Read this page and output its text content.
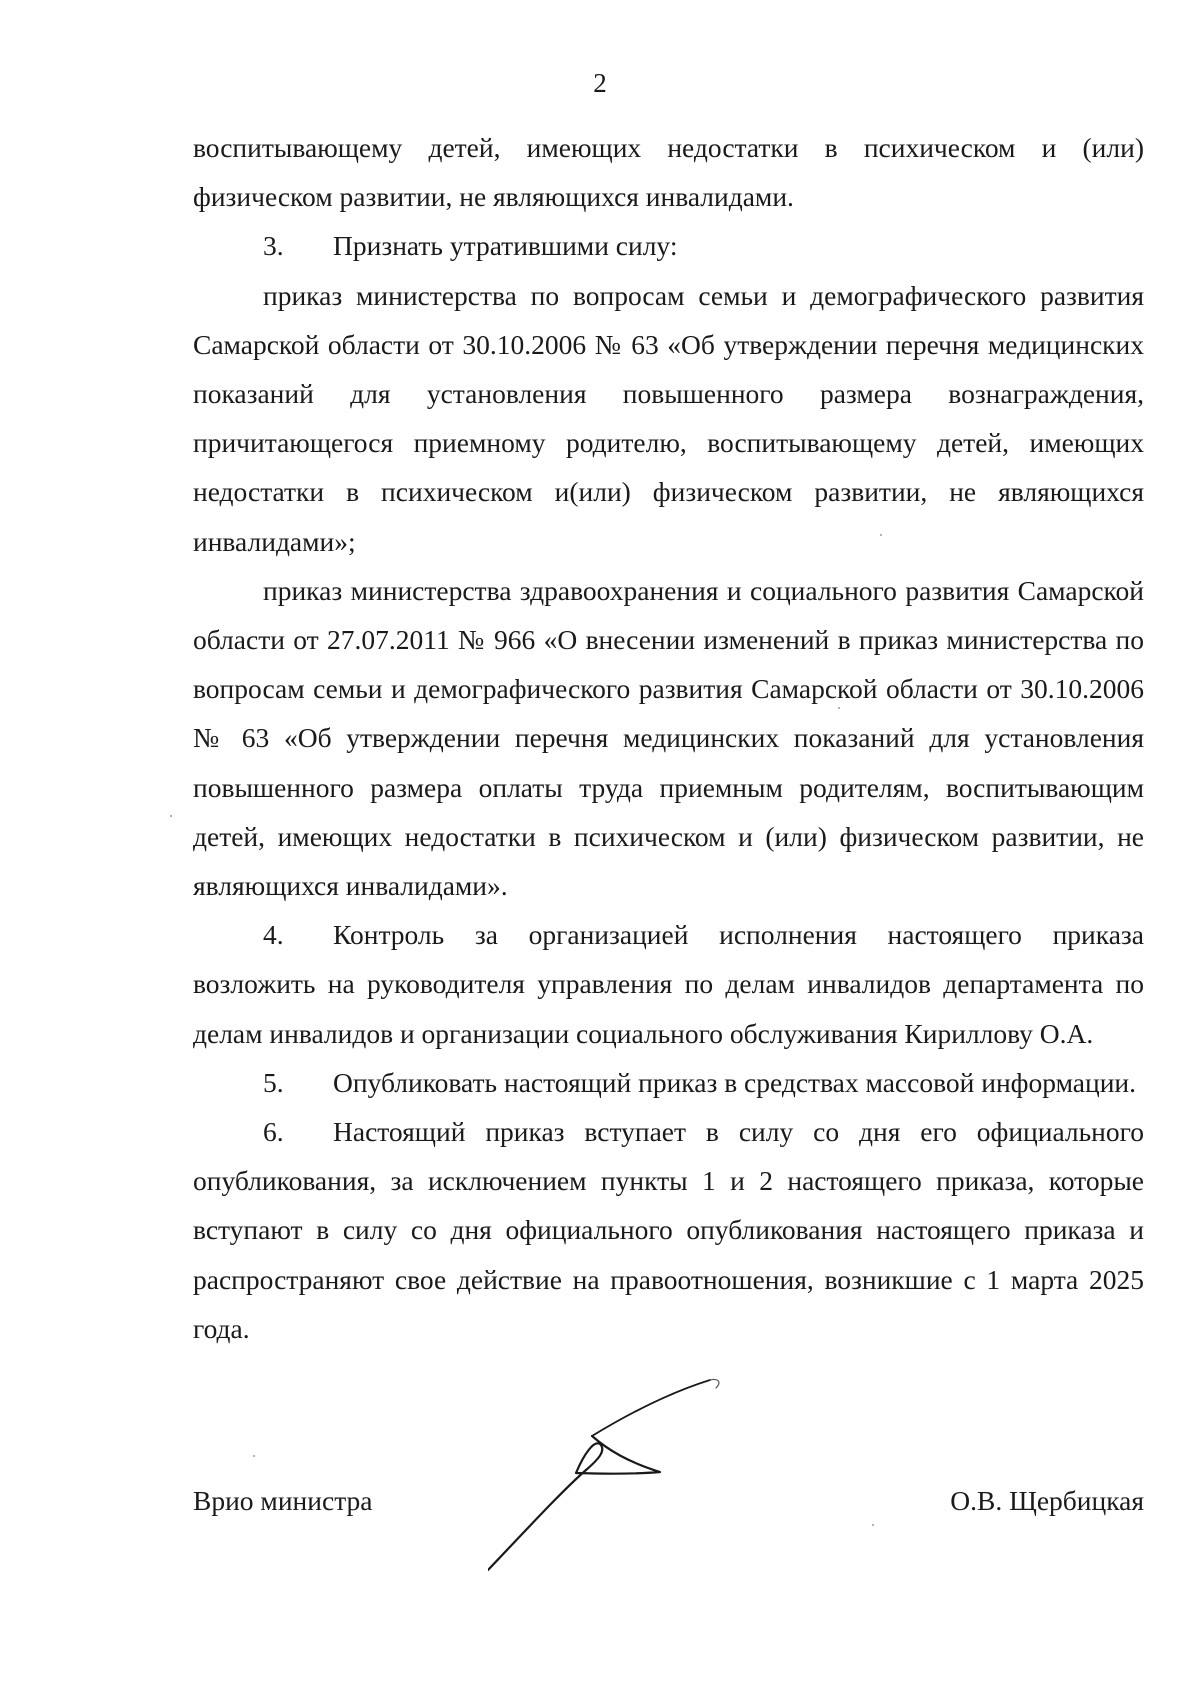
2

воспитывающему детей, имеющих недостатки в психическом и (или) физическом развитии, не являющихся инвалидами.

3. Признать утратившими силу:

приказ министерства по вопросам семьи и демографического развития Самарской области от 30.10.2006 № 63 «Об утверждении перечня медицинских показаний для установления повышенного размера вознаграждения, причитающегося приемному родителю, воспитывающему детей, имеющих недостатки в психическом и(или) физическом развитии, не являющихся инвалидами»;

приказ министерства здравоохранения и социального развития Самарской области от 27.07.2011 № 966 «О внесении изменений в приказ министерства по вопросам семьи и демографического развития Самарской области от 30.10.2006 № 63 «Об утверждении перечня медицинских показаний для установления повышенного размера оплаты труда приемным родителям, воспитывающим детей, имеющих недостатки в психическом и (или) физическом развитии, не являющихся инвалидами».

4. Контроль за организацией исполнения настоящего приказа возложить на руководителя управления по делам инвалидов департамента по делам инвалидов и организации социального обслуживания Кириллову О.А.

5. Опубликовать настоящий приказ в средствах массовой информации.

6. Настоящий приказ вступает в силу со дня его официального опубликования, за исключением пункты 1 и 2 настоящего приказа, которые вступают в силу со дня официального опубликования настоящего приказа и распространяют свое действие на правоотношения, возникшие с 1 марта 2025 года.

Врио министра	О.В. Щербицкая
